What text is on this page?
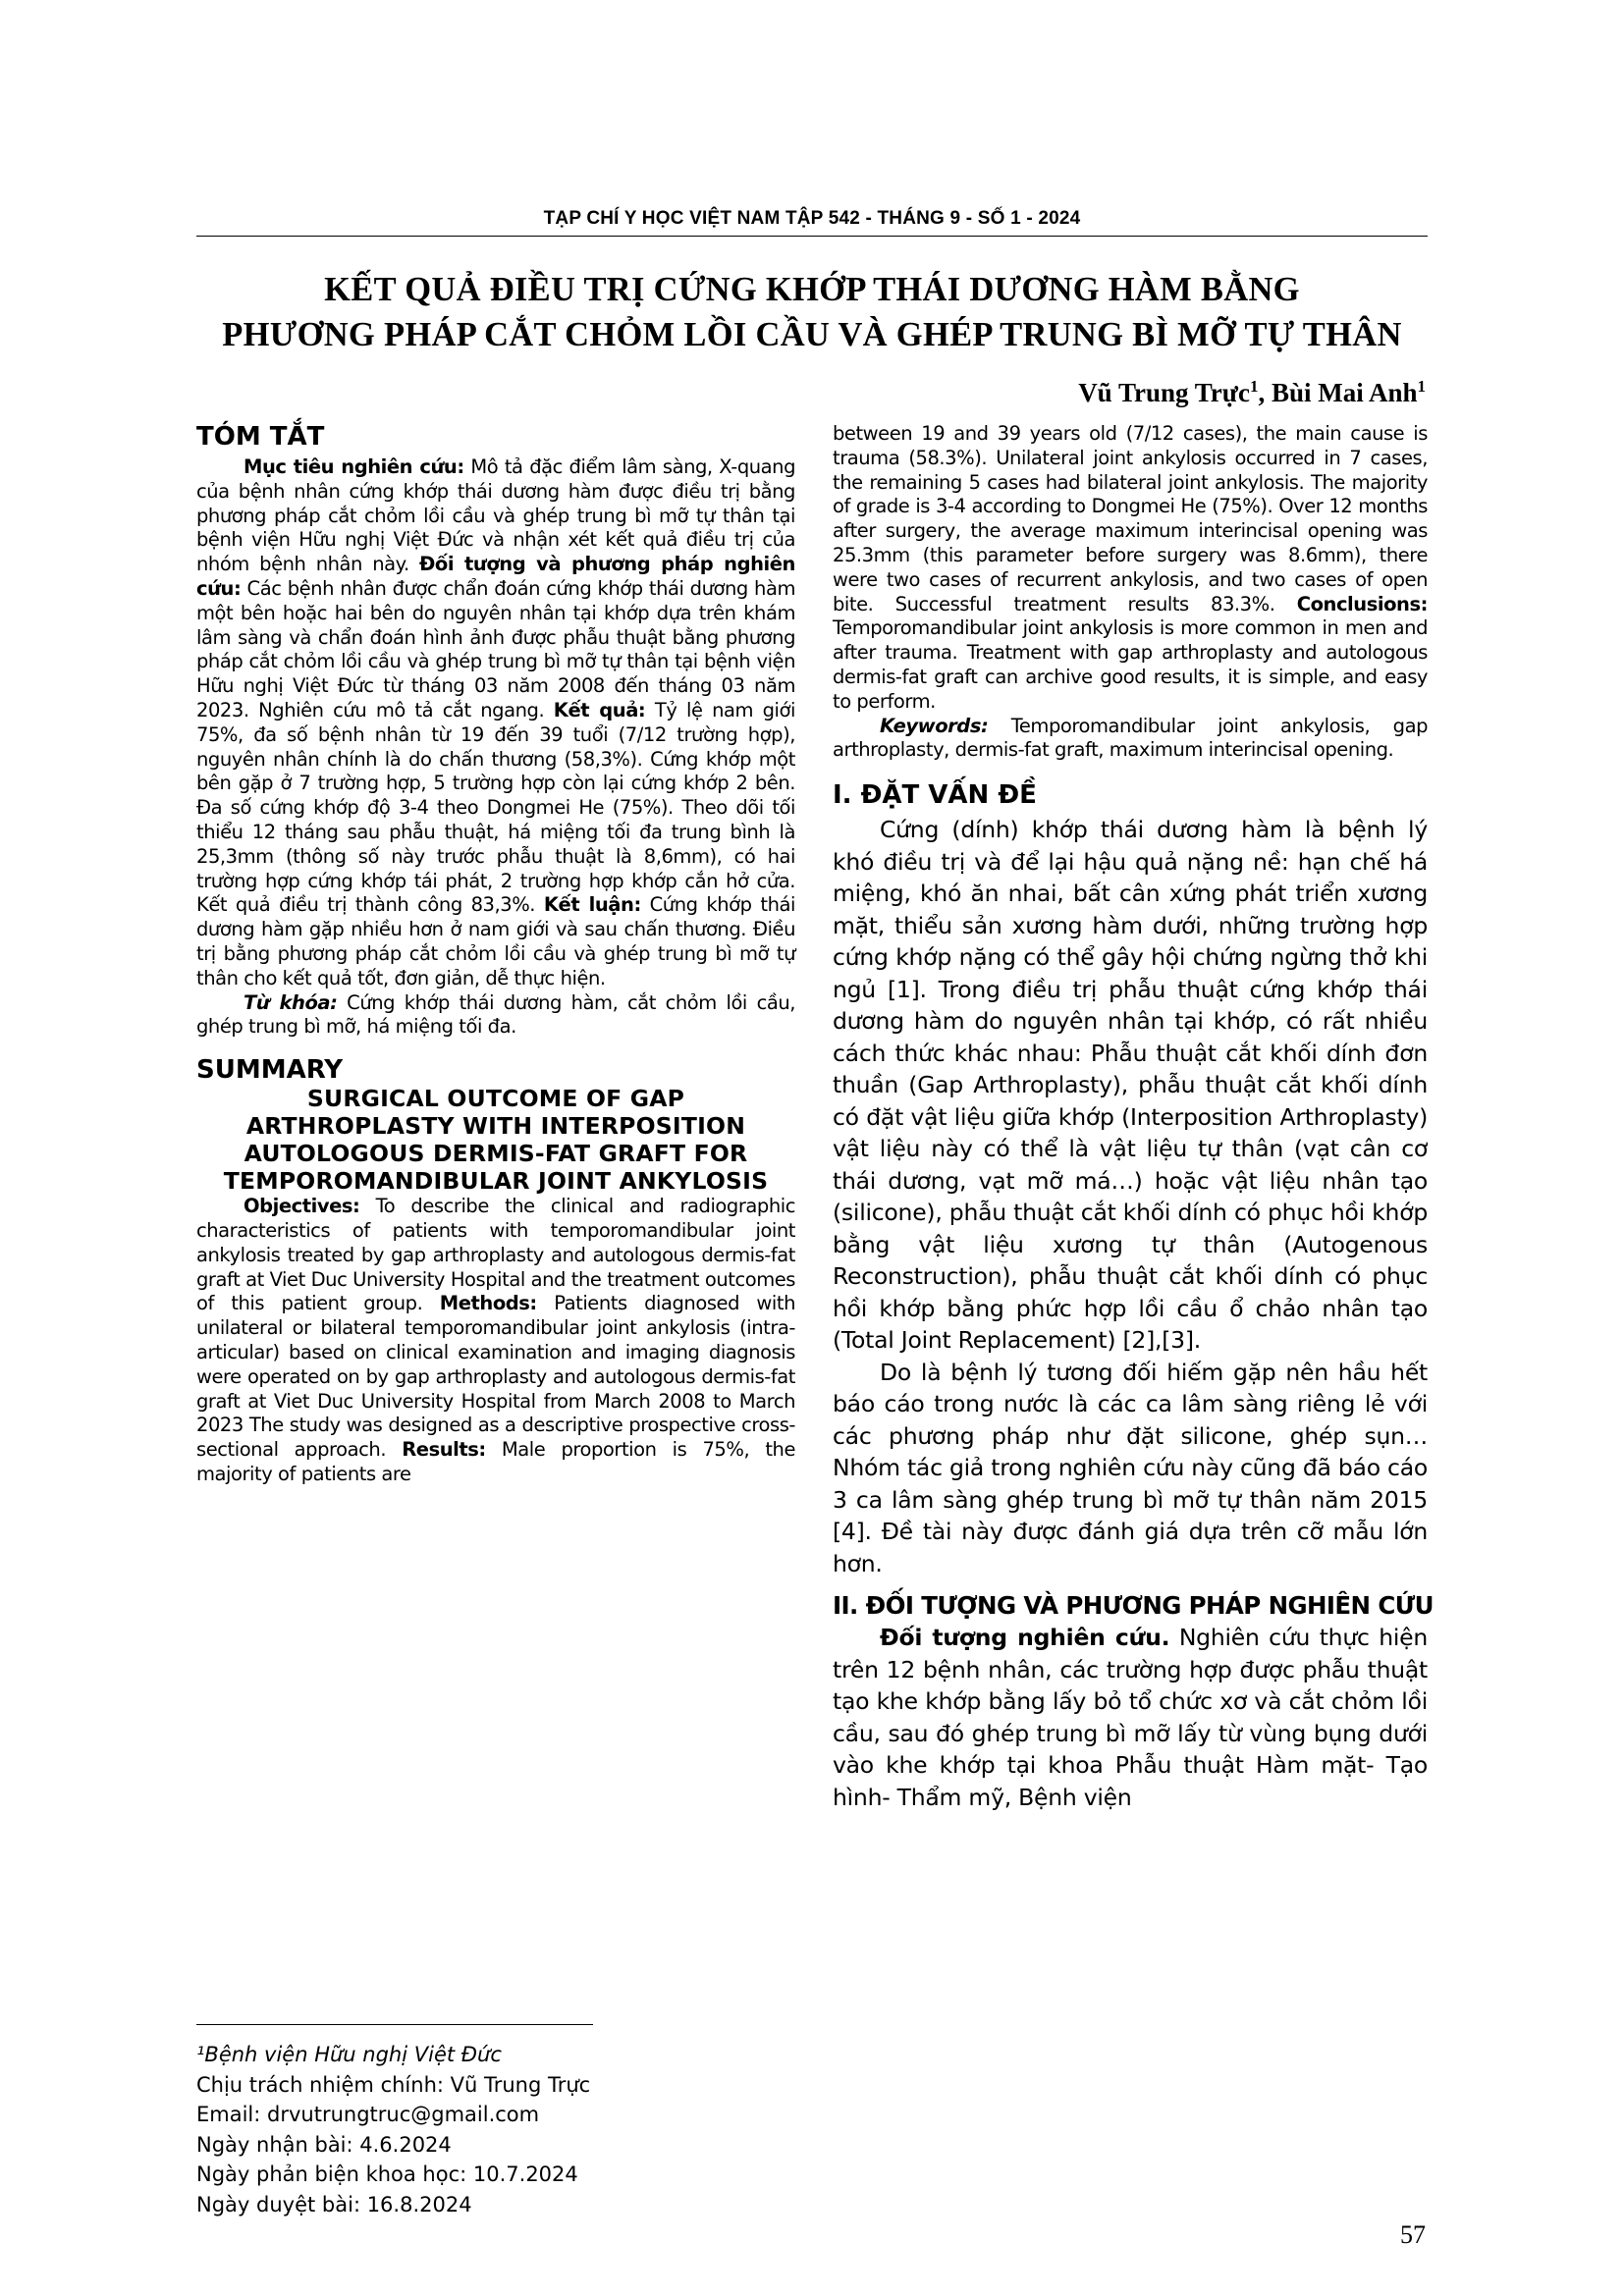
TẠP CHÍ Y HỌC VIỆT NAM TẬP 542 - THÁNG 9 - SỐ 1 - 2024
KẾT QUẢ ĐIỀU TRỊ CỨNG KHỚP THÁI DƯƠNG HÀM BẰNG
PHƯƠNG PHÁP CẮT CHỎM LỒI CẦU VÀ GHÉP TRUNG BÌ MỠ TỰ THÂN
Vũ Trung Trực$^1$, Bùi Mai Anh$^1$
TÓM TẮT

Mục tiêu nghiên cứu: Mô tả đặc điểm lâm sàng, X-quang của bệnh nhân cứng khớp thái dương hàm được điều trị bằng phương pháp cắt chỏm lồi cầu và ghép trung bì mỡ tự thân tại bệnh viện Hữu nghị Việt Đức và nhận xét kết quả điều trị của nhóm bệnh nhân này. Đối tượng và phương pháp nghiên cứu: Các bệnh nhân được chẩn đoán cứng khớp thái dương hàm một bên hoặc hai bên do nguyên nhân tại khớp dựa trên khám lâm sàng và chẩn đoán hình ảnh được phẫu thuật bằng phương pháp cắt chỏm lồi cầu và ghép trung bì mỡ tự thân tại bệnh viện Hữu nghị Việt Đức từ tháng 03 năm 2008 đến tháng 03 năm 2023. Nghiên cứu mô tả cắt ngang. Kết quả: Tỷ lệ nam giới 75%, đa số bệnh nhân từ 19 đến 39 tuổi (7/12 trường hợp), nguyên nhân chính là do chấn thương (58,3%). Cứng khớp một bên gặp ở 7 trường hợp, 5 trường hợp còn lại cứng khớp 2 bên. Đa số cứng khớp độ 3-4 theo Dongmei He (75%). Theo dõi tối thiểu 12 tháng sau phẫu thuật, há miệng tối đa trung bình là 25,3mm (thông số này trước phẫu thuật là 8,6mm), có hai trường hợp cứng khớp tái phát, 2 trường hợp khớp cắn hở cửa. Kết quả điều trị thành công 83,3%. Kết luận: Cứng khớp thái dương hàm gặp nhiều hơn ở nam giới và sau chấn thương. Điều trị bằng phương pháp cắt chỏm lồi cầu và ghép trung bì mỡ tự thân cho kết quả tốt, đơn giản, dễ thực hiện.

Từ khóa: Cứng khớp thái dương hàm, cắt chỏm lồi cầu, ghép trung bì mỡ, há miệng tối đa.

SUMMARY
SURGICAL OUTCOME OF GAP
ARTHROPLASTY WITH INTERPOSITION
AUTOLOGOUS DERMIS-FAT GRAFT FOR
TEMPOROMANDIBULAR JOINT ANKYLOSIS

Objectives: To describe the clinical and radiographic characteristics of patients with temporomandibular joint ankylosis treated by gap arthroplasty and autologous dermis-fat graft at Viet Duc University Hospital and the treatment outcomes of this patient group. Methods: Patients diagnosed with unilateral or bilateral temporomandibular joint ankylosis (intra-articular) based on clinical examination and imaging diagnosis were operated on by gap arthroplasty and autologous dermis-fat graft at Viet Duc University Hospital from March 2008 to March 2023 The study was designed as a descriptive prospective cross-sectional approach. Results: Male proportion is 75%, the majority of patients are

between 19 and 39 years old (7/12 cases), the main cause is trauma (58.3%). Unilateral joint ankylosis occurred in 7 cases, the remaining 5 cases had bilateral joint ankylosis. The majority of grade is 3-4 according to Dongmei He (75%). Over 12 months after surgery, the average maximum interincisal opening was 25.3mm (this parameter before surgery was 8.6mm), there were two cases of recurrent ankylosis, and two cases of open bite. Successful treatment results 83.3%. Conclusions: Temporomandibular joint ankylosis is more common in men and after trauma. Treatment with gap arthroplasty and autologous dermis-fat graft can archive good results, it is simple, and easy to perform.

Keywords: Temporomandibular joint ankylosis, gap arthroplasty, dermis-fat graft, maximum interincisal opening.

I. ĐẶT VẤN ĐỀ

Cứng (dính) khớp thái dương hàm là bệnh lý khó điều trị và để lại hậu quả nặng nề: hạn chế há miệng, khó ăn nhai, bất cân xứng phát triển xương mặt, thiểu sản xương hàm dưới, những trường hợp cứng khớp nặng có thể gây hội chứng ngừng thở khi ngủ [1]. Trong điều trị phẫu thuật cứng khớp thái dương hàm do nguyên nhân tại khớp, có rất nhiều cách thức khác nhau: Phẫu thuật cắt khối dính đơn thuần (Gap Arthroplasty), phẫu thuật cắt khối dính có đặt vật liệu giữa khớp (Interposition Arthroplasty) vật liệu này có thể là vật liệu tự thân (vạt cân cơ thái dương, vạt mỡ má…) hoặc vật liệu nhân tạo (silicone), phẫu thuật cắt khối dính có phục hồi khớp bằng vật liệu xương tự thân (Autogenous Reconstruction), phẫu thuật cắt khối dính có phục hồi khớp bằng phức hợp lồi cầu ổ chảo nhân tạo (Total Joint Replacement) [2],[3].

Do là bệnh lý tương đối hiếm gặp nên hầu hết báo cáo trong nước là các ca lâm sàng riêng lẻ với các phương pháp như đặt silicone, ghép sụn… Nhóm tác giả trong nghiên cứu này cũng đã báo cáo 3 ca lâm sàng ghép trung bì mỡ tự thân năm 2015 [4]. Đề tài này được đánh giá dựa trên cỡ mẫu lớn hơn.

II. ĐỐI TƯỢNG VÀ PHƯƠNG PHÁP NGHIÊN CỨU

Đối tượng nghiên cứu. Nghiên cứu thực hiện trên 12 bệnh nhân, các trường hợp được phẫu thuật tạo khe khớp bằng lấy bỏ tổ chức xơ và cắt chỏm lồi cầu, sau đó ghép trung bì mỡ lấy từ vùng bụng dưới vào khe khớp tại khoa Phẫu thuật Hàm mặt- Tạo hình- Thẩm mỹ, Bệnh viện

¹Bệnh viện Hữu nghị Việt Đức
Chịu trách nhiệm chính: Vũ Trung Trực
Email: drvutrungtruc@gmail.com
Ngày nhận bài: 4.6.2024
Ngày phản biện khoa học: 10.7.2024
Ngày duyệt bài: 16.8.2024
57
